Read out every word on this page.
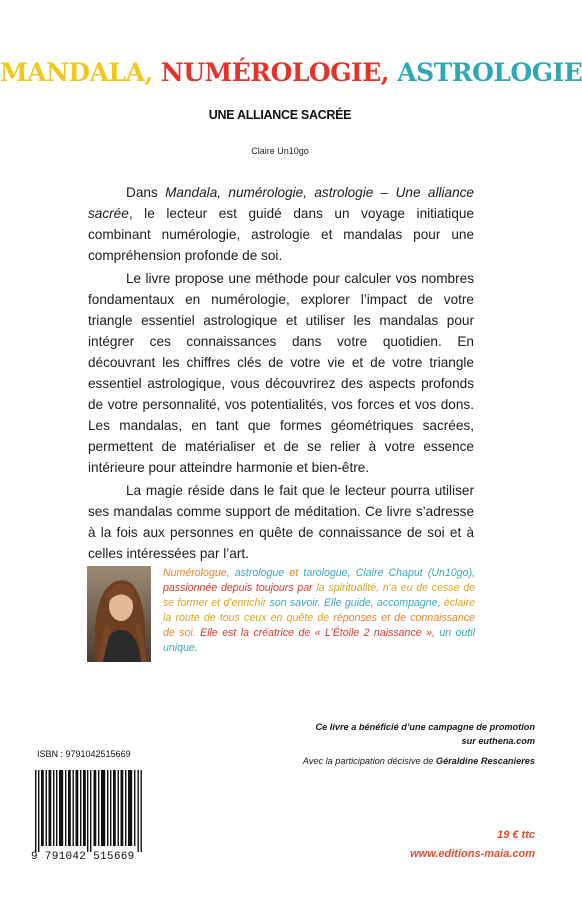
MANDALA, NUMÉROLOGIE, ASTROLOGIE
UNE ALLIANCE SACRÉE
Claire Un10go

Dans Mandala, numérologie, astrologie – Une alliance sacrée, le lecteur est guidé dans un voyage initiatique combinant numérologie, astrologie et mandalas pour une compréhension profonde de soi.

Le livre propose une méthode pour calculer vos nombres fondamentaux en numérologie, explorer l’impact de votre triangle essentiel astrologique et utiliser les mandalas pour intégrer ces connaissances dans votre quotidien. En découvrant les chiffres clés de votre vie et de votre triangle essentiel astrologique, vous découvrirez des aspects profonds de votre personnalité, vos potentialités, vos forces et vos dons. Les mandalas, en tant que formes géométriques sacrées, permettent de matérialiser et de se relier à votre essence intérieure pour atteindre harmonie et bien-être.

La magie réside dans le fait que le lecteur pourra utiliser ses mandalas comme support de méditation. Ce livre s’adresse à la fois aux personnes en quête de connaissance de soi et à celles intéressées par l’art.

Numérologue, astrologue et tarologue, Claire Chaput (Un10go), passionnée depuis toujours par la spiritualité, n’a eu de cesse de se former et d’enrichir son savoir. Elle guide, accompagne, éclaire la route de tous ceux en quête de réponses et de connaissance de soi. Elle est la créatrice de « L’Étoile 2 naissance », un outil unique.
Ce livre a bénéficié d’une campagne de promotion
sur euthena.com
Avec la participation décisive de Géraldine Rescanieres
ISBN : 9791042515669
9 791042 515669
19 € ttc
www.editions-maia.com
